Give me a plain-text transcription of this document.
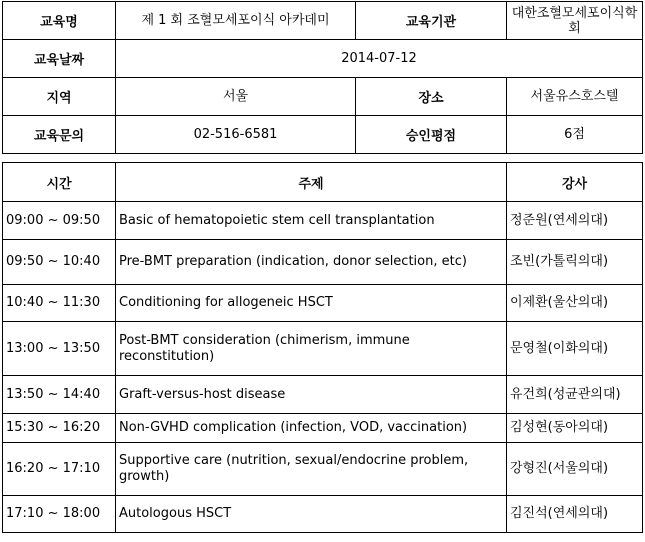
교육명	제 1 회 조혈모세포이식 아카데미	교육기관	대한조혈모세포이식학회
교육날짜	2014-07-12		
지역	서울	장소	서울유스호스텔
교육문의	02-516-6581	승인평점	6점
시간	주제	강사
09:00 ~ 09:50	Basic of hematopoietic stem cell transplantation	정준원(연세의대)
09:50 ~ 10:40	Pre-BMT preparation (indication, donor selection, etc)	조빈(가톨릭의대)
10:40 ~ 11:30	Conditioning for allogeneic HSCT	이제환(울산의대)
13:00 ~ 13:50	Post-BMT consideration (chimerism, immune reconstitution)	문영철(이화의대)
13:50 ~ 14:40	Graft-versus-host disease	유건희(성균관의대)
15:30 ~ 16:20	Non-GVHD complication (infection, VOD, vaccination)	김성현(동아의대)
16:20 ~ 17:10	Supportive care (nutrition, sexual/endocrine problem, growth)	강형진(서울의대)
17:10 ~ 18:00	Autologous HSCT	김진석(연세의대)
